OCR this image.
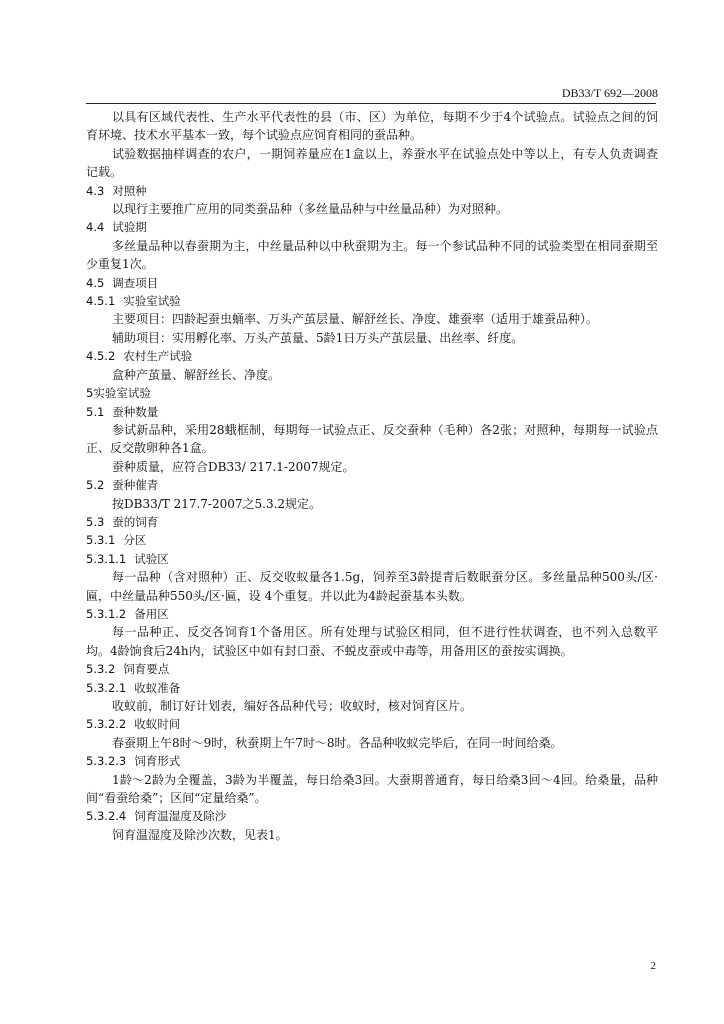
DB33/T 692—2008

以具有区域代表性、生产水平代表性的县（市、区）为单位，每期不少于4个试验点。试验点之间的饲育环境、技术水平基本一致，每个试验点应饲育相同的蚕品种。

试验数据抽样调查的农户，一期饲养量应在1盒以上，养蚕水平在试验点处中等以上，有专人负责调查记载。

4.3 对照种

以现行主要推广应用的同类蚕品种（多丝量品种与中丝量品种）为对照种。

4.4 试验期

多丝量品种以春蚕期为主，中丝量品种以中秋蚕期为主。每一个参试品种不同的试验类型在相同蚕期至少重复1次。

4.5 调查项目

4.5.1 实验室试验

主要项目：四龄起蚕虫蛹率、万头产茧层量、解舒丝长、净度、雄蚕率（适用于雄蚕品种）。

辅助项目：实用孵化率、万头产茧量、5龄1日万头产茧层量、出丝率、纤度。

4.5.2 农村生产试验

盒种产茧量、解舒丝长、净度。

5实验室试验

5.1 蚕种数量

参试新品种，采用28蛾框制，每期每一试验点正、反交蚕种（毛种）各2张；对照种，每期每一试验点正、反交散卵种各1盒。

蚕种质量，应符合DB33/ 217.1-2007规定。

5.2 蚕种催青

按DB33/T 217.7-2007之5.3.2规定。

5.3 蚕的饲育

5.3.1 分区

5.3.1.1 试验区

每一品种（含对照种）正、反交收蚁量各1.5g，饲养至3龄提青后数眠蚕分区。多丝量品种500头/区·匾，中丝量品种550头/区·匾，设 4个重复。并以此为4龄起蚕基本头数。

5.3.1.2 备用区

每一品种正、反交各饲育1个备用区。所有处理与试验区相同，但不进行性状调查，也不列入总数平均。4龄饷食后24h内，试验区中如有封口蚕、不蜕皮蚕或中毒等，用备用区的蚕按实调换。

5.3.2 饲育要点

5.3.2.1 收蚁准备

收蚁前，制订好计划表，编好各品种代号；收蚁时，核对饲育区片。

5.3.2.2 收蚁时间

春蚕期上午8时～9时，秋蚕期上午7时～8时。各品种收蚁完毕后，在同一时间给桑。

5.3.2.3 饲育形式

1龄～2龄为全覆盖，3龄为半覆盖，每日给桑3回。大蚕期普通育，每日给桑3回～4回。给桑量，品种间“看蚕给桑”；区间“定量给桑”。

5.3.2.4 饲育温湿度及除沙

饲育温湿度及除沙次数，见表1。

2
